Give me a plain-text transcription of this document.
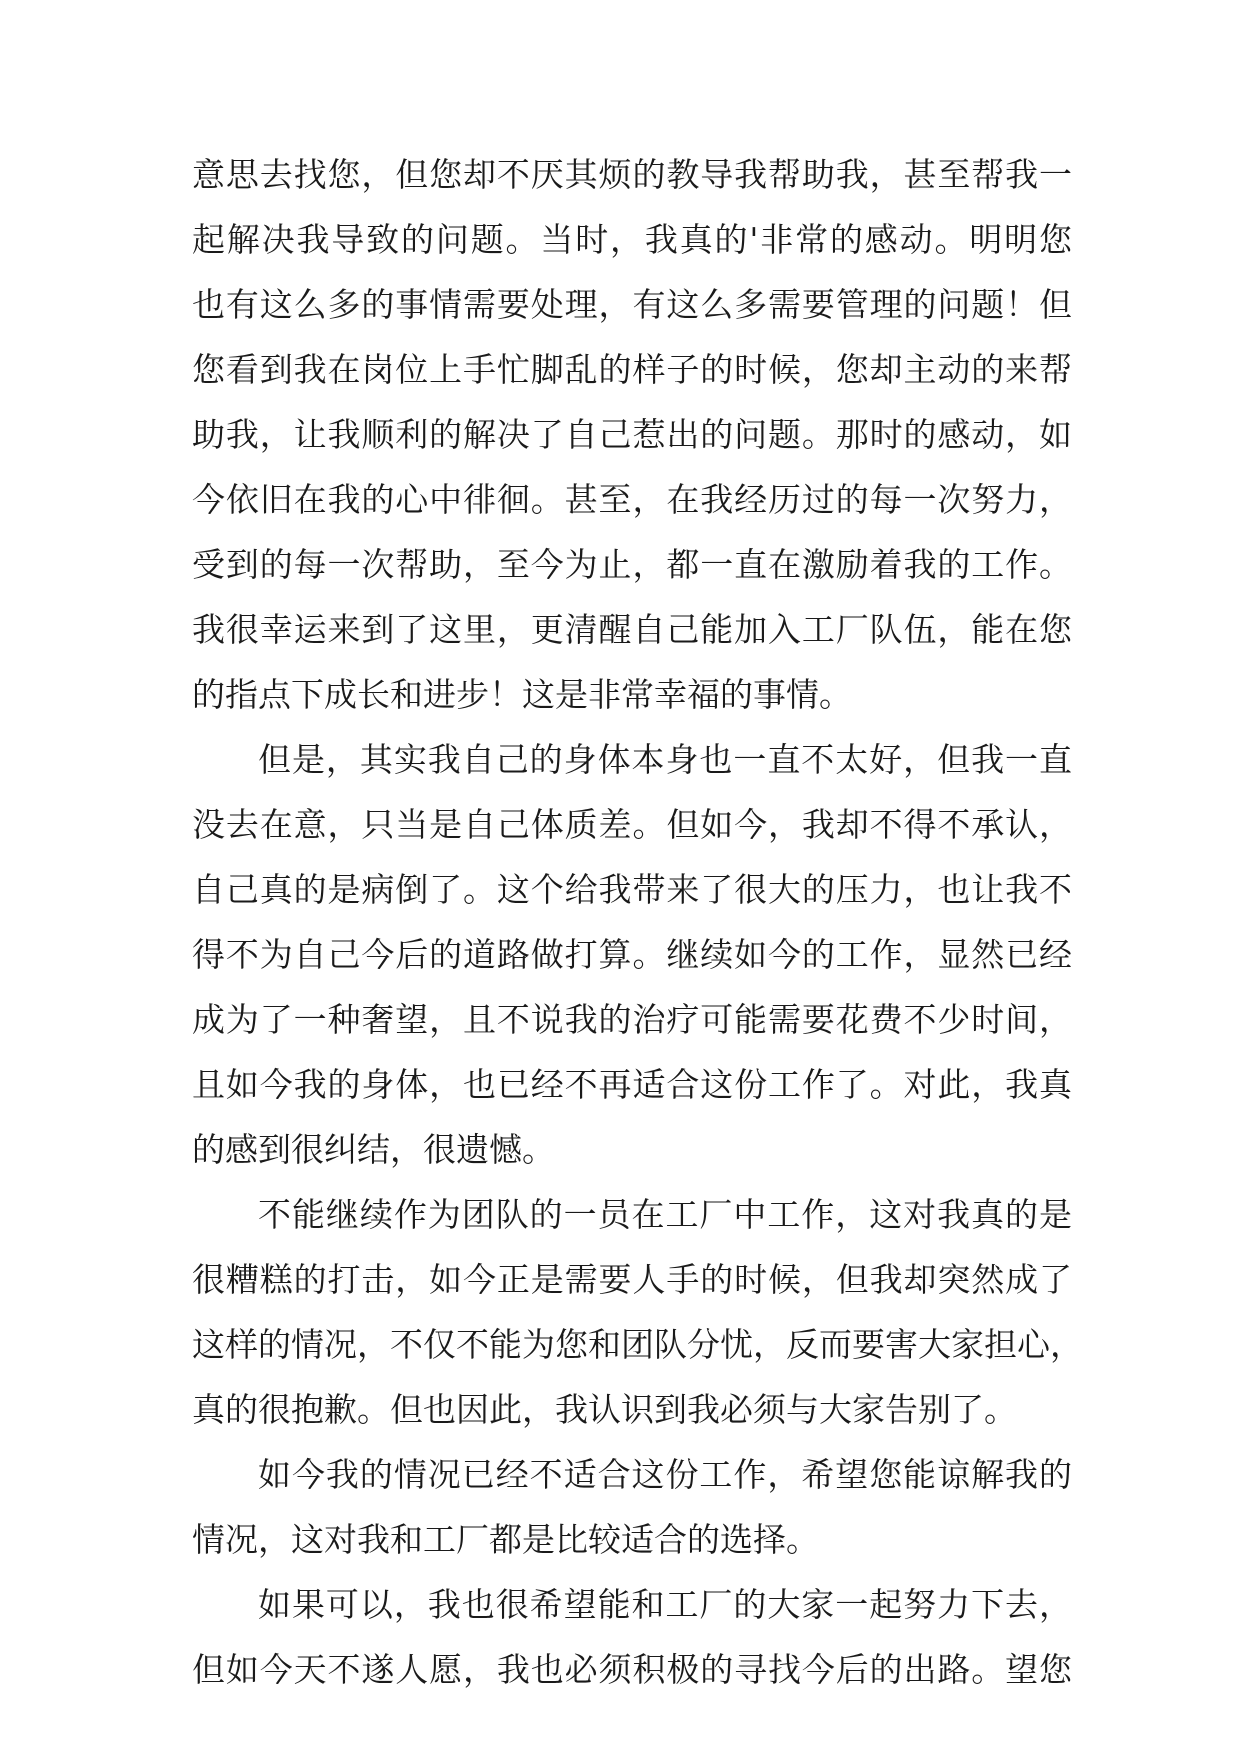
意思去找您，但您却不厌其烦的教导我帮助我，甚至帮我一
起解决我导致的问题。当时，我真的'非常的感动。明明您
也有这么多的事情需要处理，有这么多需要管理的问题！但
您看到我在岗位上手忙脚乱的样子的时候，您却主动的来帮
助我，让我顺利的解决了自己惹出的问题。那时的感动，如
今依旧在我的心中徘徊。甚至，在我经历过的每一次努力，
受到的每一次帮助，至今为止，都一直在激励着我的工作。
我很幸运来到了这里，更清醒自己能加入工厂队伍，能在您
的指点下成长和进步！这是非常幸福的事情。
但是，其实我自己的身体本身也一直不太好，但我一直
没去在意，只当是自己体质差。但如今，我却不得不承认，
自己真的是病倒了。这个给我带来了很大的压力，也让我不
得不为自己今后的道路做打算。继续如今的工作，显然已经
成为了一种奢望，且不说我的治疗可能需要花费不少时间，
且如今我的身体，也已经不再适合这份工作了。对此，我真
的感到很纠结，很遗憾。
不能继续作为团队的一员在工厂中工作，这对我真的是
很糟糕的打击，如今正是需要人手的时候，但我却突然成了
这样的情况，不仅不能为您和团队分忧，反而要害大家担心，
真的很抱歉。但也因此，我认识到我必须与大家告别了。
如今我的情况已经不适合这份工作，希望您能谅解我的
情况，这对我和工厂都是比较适合的选择。
如果可以，我也很希望能和工厂的大家一起努力下去，
但如今天不遂人愿，我也必须积极的寻找今后的出路。望您
